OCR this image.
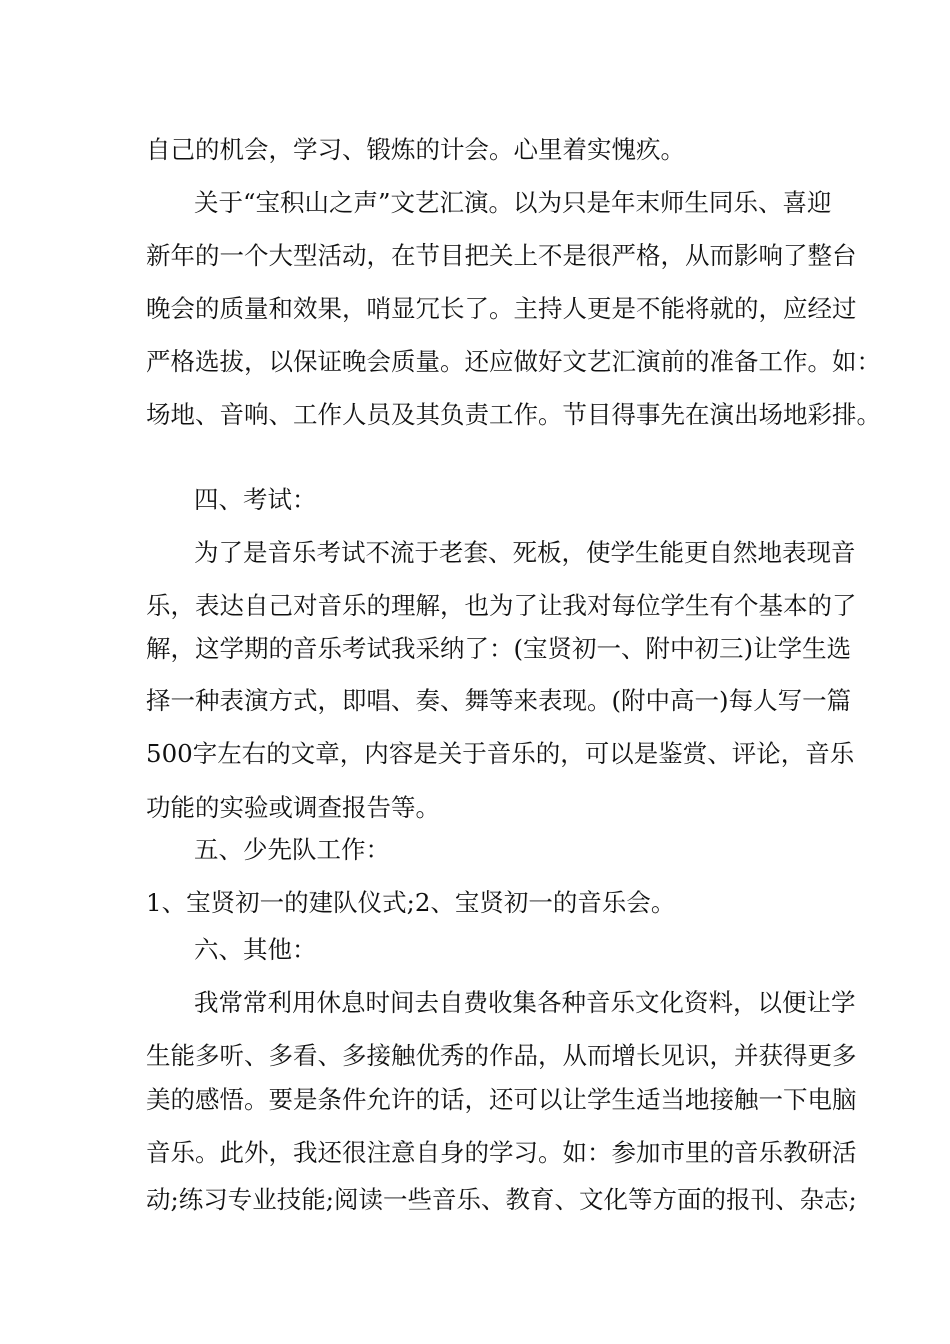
自己的机会，学习、锻炼的计会。心里着实愧疚。

关于“宝积山之声”文艺汇演。以为只是年末师生同乐、喜迎

新年的一个大型活动，在节目把关上不是很严格，从而影响了整台

晚会的质量和效果，哨显冗长了。主持人更是不能将就的，应经过

严格选拔，以保证晚会质量。还应做好文艺汇演前的准备工作。如：

场地、音响、工作人员及其负责工作。节目得事先在演出场地彩排。

四、考试：

为了是音乐考试不流于老套、死板，使学生能更自然地表现音

乐，表达自己对音乐的理解，也为了让我对每位学生有个基本的了

解，这学期的音乐考试我采纳了：(宝贤初一、附中初三)让学生选

择一种表演方式，即唱、奏、舞等来表现。(附中高一)每人写一篇

500字左右的文章，内容是关于音乐的，可以是鉴赏、评论，音乐

功能的实验或调查报告等。

五、少先队工作：

1、宝贤初一的建队仪式;2、宝贤初一的音乐会。

六、其他：

我常常利用休息时间去自费收集各种音乐文化资料，以便让学

生能多听、多看、多接触优秀的作品，从而增长见识，并获得更多

美的感悟。要是条件允许的话，还可以让学生适当地接触一下电脑

音乐。此外，我还很注意自身的学习。如：参加市里的音乐教研活

动;练习专业技能;阅读一些音乐、教育、文化等方面的报刊、杂志;
